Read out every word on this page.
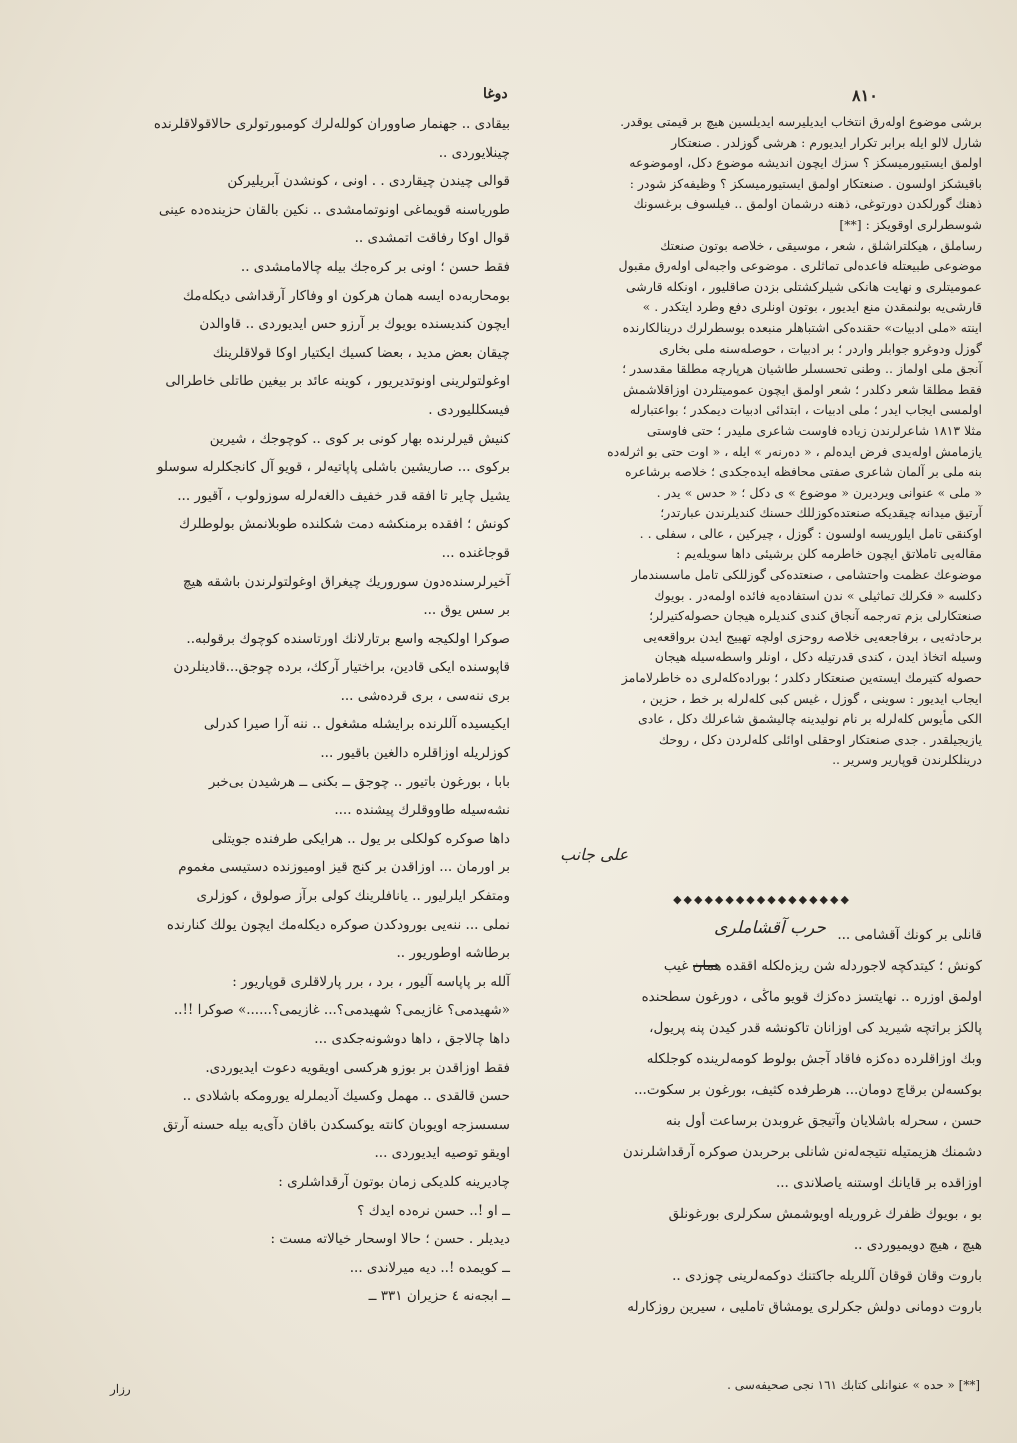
۸۱۰
دوغا
برشی موضوع اولەرق انتخاب ایدیلیرسە ایدیلسین هیچ بر قیمتی یوقدر.
شارل لالو ایلە برابر تکرار ایدیورم : هرشی گوزلدر . صنعتکار
اولمق ایستیورمیسکز ؟ سزك ایچون اندیشە موضوع دکل، اوموضوعە
باقیشکز اولسون . صنعتکار اولمق ایستیورمیسکز ؟ وظیفەکز شودر :
ذهنك گورلکدن دورتوغی، ذهنە درشمان اولمق .. فیلسوف برغسونك
شوسطرلری اوقویکز : [**]
رساملق ، هیکلتراشلق ، شعر ، موسیقی ، خلاصە بوتون صنعتك
موضوعی طبیعتلە فاعدەلی تماثلری . موضوعی واجبەلی اولەرق مقبول
عمومیتلری و نهایت هانکی شیلرکشتلی بزدن صاقلیور ، اونکلە قارشی
قارشی‌یە بولنمقدن منع ایدیور ، بوتون اونلری دفع وطرد ایتکدر . »
اینتە «ملی ادبیات» حقندەکی اشتباهلر منبعدە بوسطرلرك درینالکارندە
گوزل ودوغرو جوابلر واردر ؛ بر ادبیات ، حوصلەسنە ملی بخاری
آنجق ملی اولماز .. وطنی تحسسلر طاشیان هرپارچە مطلقا مقدسدر ؛
فقط مطلقا شعر دکلدر ؛ شعر اولمق ایچون عمومیتلردن اوزاقلاشمش
اولمسی ایجاب ایدر ؛ ملی ادبیات ، ابتدائی ادبیات دیمکدر ؛ بواعتبارلە
مثلا ۱۸۱۳ شاعرلرندن زیادە فاوست شاعری ملیدر ؛ حتی فاوستی
یازمامش اولەیدی فرض ایدەلم ، « دەرنەر » ایلە ، « اوت حتی بو اثرلەدە
بنە ملی بر آلمان شاعری صفتی محافظە ایدەجکدی ؛ خلاصە برشاعرە
« ملی » عنوانی ویردیرن « موضوع » ی دکل ؛ « حدس » یدر .
آرتیق میدانە چیقدیکە صنعتدەکوزللك حسنك کندیلرندن عبارتدر؛
اوکنقی تامل ایلوریسە اولسون : گوزل ، چیرکین ، عالی ، سفلی . .
مقالەیی تاملاتق ایچون خاطرمە کلن برشیئی داها سویلەیم :
موضوعك عظمت واحتشامی ، صنعتدەکی گوزللکی تامل ماسسندمار
دکلسە « فکرلك تماثیلی » ندن استفادەیە فائدە اولمەدر . بویوك
صنعتکارلی بزم تەرجمە آنجاق کندی کندیلرە هیجان حصولەکتیرلر؛
برحادثەیی ، برفاجعەیی خلاصە روحزی اولچە تهییج ایدن برواقعەیی
وسیلە اتخاذ ایدن ، کندی قدرتیلە دکل ، اونلر واسطەسیلە هیجان
حصولە کتیرمك ایستەین صنعتکار دکلدر ؛ بورادەکلەلری دە خاطرلامامز
ایجاب ایدیور : سوینی ، گوزل ، غیس کبی کلەلرلە بر خط ، حزین ،
الکی مأیوس کلەلرلە بر نام نولیدینە چالیشمق شاعرلك دکل ، عادی
یازیجیلقدر . جدی صنعتکار اوحقلی اوائلی کلەلردن دکل ، روحك
درینلکلرندن قوپاریر وسریر ..
علی جانب
◆◆◆◆◆◆◆◆◆◆◆◆◆◆◆◆◆
حرب آقشاملری قانلی بر کونك آقشامی ...
کونش ؛ کیتدکچە لاجوردلە شن ریزەلکلە اققدە همان غیب
اولمق اوزرە .. نهایتسز دەکزك قویو ماڭی ، دورغون سطحندە
پالکز براتچە شیرید کی اوزانان تاکونشە قدر کیدن پنە پریول،
وبك اوزاقلردە دەکزە فاقاد آجش بولوط کومەلریندە کوجلکلە
بوکسەلن برقاچ دومان... هرطرفدە کثیف، بورغون بر سکوت...
حسن ، سحرلە باشلایان وآتیجق غروبدن برساعت أول بنە
دشمنك هزیمتیلە نتیجەلەنن شانلی برحربدن صوکرە آرقداشلرندن
اوزاقدە بر قایانك اوستنە یاصلاندی ...
بو ، بویوك ظفرك غروریلە اویوشمش سکرلری بورغونلق
هیچ ، هیچ دویمیوردی ..
باروت وقان قوقان آللریلە جاکتنك دوکمەلرینی چوزدی ..
باروت دومانی دولش جکرلری یومشاق تاملیی ، سیرین روزکارلە
بیقادی .. جهنمار صاووران کوللەلرك کومبورتولری حالاقولاقلرندە
چینلایوردی ..
قوالی چیندن چیقاردی . . اونی ، کونشدن آبریلیرکن
طوریاسنە قویماغی اونوتمامشدی .. نکین بالقان حزیندەدە عینی
قوال اوکا رفاقت اتمشدی ..
فقط حسن ؛ اونی بر کرەجك بیلە چالامامشدی ..
بومحاربەدە ایسە همان هرکون او وفاکار آرقداشی دیکلەمك
ایچون کندیسندە بویوك بر آرزو حس ایدیوردی .. قاوالدن
چیقان بعض مدید ، بعضا کسیك ایکتیار اوکا قولاقلرینك
اوغولتولرینی اونوتدیریور ، کوینە عائد بر بیغین طاتلی خاطرالی
فیسکللیوردی .
کنیش قیرلرندە بهار کونی بر کوی .. کوچوجك ، شیرین
برکوی ... صاریشین باشلی پاپاتیەلر ، قویو آل کانجکلرلە سوسلو
یشیل چایر تا افقە قدر خفیف دالغەلرلە سوزولوب ، آقیور ...
کونش ؛ افقدە برمنکشە دمت شکلندە طوبلانمش بولوطلرك
قوجاغندە ...
آخیرلرسندەدون سوروریك چیغراق اوغولتولرندن باشقە هیچ
بر سس یوق ...
صوکرا اولکیجە واسع برتارلانك اورتاسندە کوچوك برقولبە..
قاپوسندە ایکی قادین، براختیار آرکك، بردە چوجق...قادینلردن
بری ننەسی ، بری قردەشی ...
ایکیسیدە آللرندە برایشلە مشغول .. ننە آرا صیرا کدرلی
کوزلریلە اوزاقلرە دالغین باقیور ...
بابا ، بورغون باتیور .. چوجق ــ بکنی ــ هرشیدن بی‌خبر
نشەسیلە طاووقلرك پیشندە ....
داها صوکرە کولکلی بر یول .. هرایکی طرفندە جویتلی
بر اورمان ... اوزاقدن بر کنج قیز اومیوزندە دستیسی مغموم
ومتفکر ایلرلیور .. یانافلرینك کولی برآز صولوق ، کوزلری
نملی ... ننەیی بورودکدن صوکرە دیکلەمك ایچون یولك کنارندە
برطاشە اوطوریور ..
آللە بر پاپاسە آلیور ، برد ، برر پارلاقلری قوپاریور :
«شهیدمی؟ غازیمی؟ شهیدمی؟... غازیمی؟......» صوکرا !!..
داها چالاجق ، داها دوشونەجکدی ...
فقط اوزاقدن بر بوزو هرکسی اویقویە دعوت ایدیوردی.
حسن قالقدی .. مهمل وکسیك آدیملرلە یورومکە باشلادی ..
سسسزجە اویوبان کانتە یوکسکدن باقان دآی‌یە بیلە حسنە آرتق
اویقو توصیە ایدیوردی ...
چادیرینە کلدیکی زمان بوتون آرقداشلری :
ــ او !.. حسن نرەدە ایدك ؟
دیدیلر . حسن ؛ حالا اوسحار خیالاتە مست :
ــ کویمدە !.. دیە میرلاندی ...
ــ ابجەنە ٤ حزیران ٣٣١ ــ
[**] « حدە » عنوانلی کتابك ١٦١ نجی صحیفەسی .
رزار
